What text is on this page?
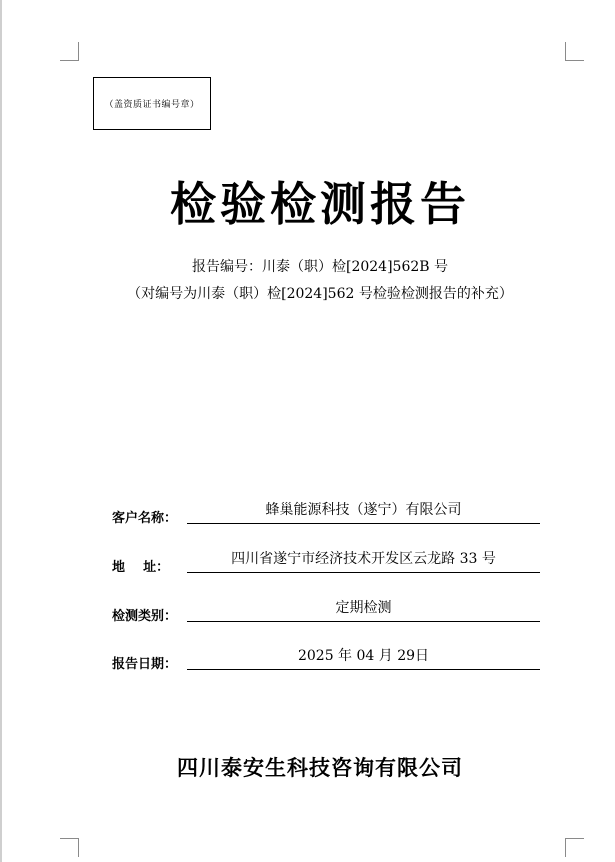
（盖资质证书编号章）
检验检测报告
报告编号：川泰（职）检[2024]562B 号
（对编号为川泰（职）检[2024]562 号检验检测报告的补充）
客户名称：
蜂巢能源科技（遂宁）有限公司
地    址：
四川省遂宁市经济技术开发区云龙路 33 号
检测类别：
定期检测
报告日期：
2025 年 04 月 29日
四川泰安生科技咨询有限公司
